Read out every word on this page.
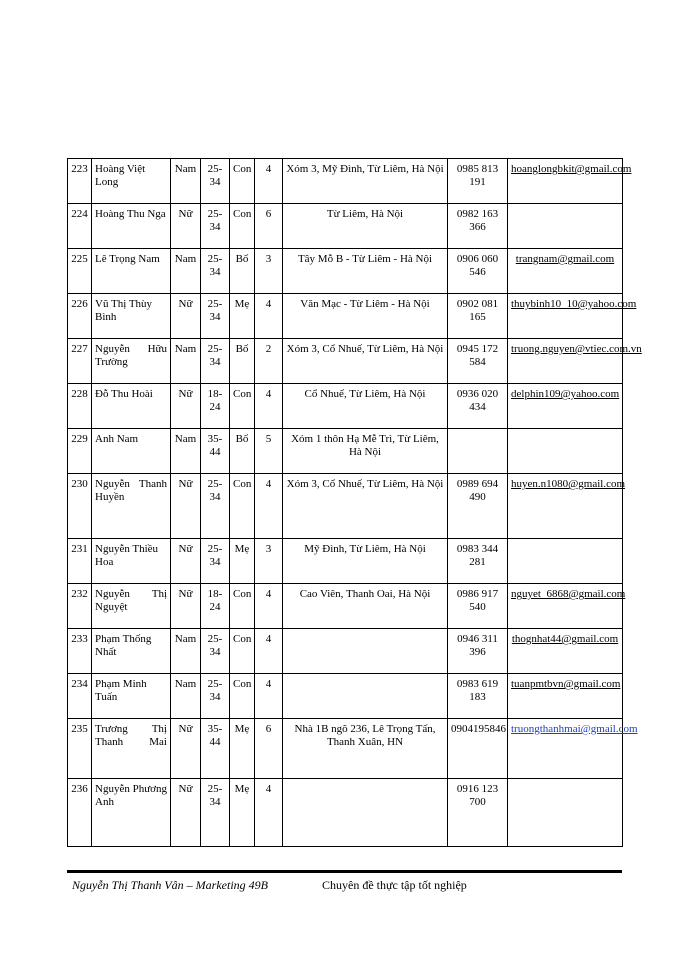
223	Hoàng Việt Long	Nam	25-34	Con	4	Xóm 3, Mỹ Đình, Từ Liêm, Hà Nội	0985 813 191	hoanglongbkit@gmail.com
224	Hoàng Thu Nga	Nữ	25-34	Con	6	Từ Liêm, Hà Nội	0982 163 366	
225	Lê Trọng Nam	Nam	25-34	Bố	3	Tây Mỗ B - Từ Liêm - Hà Nội	0906 060 546	trangnam@gmail.com
226	Vũ Thị Thùy Bình	Nữ	25-34	Mẹ	4	Văn Mạc - Từ Liêm - Hà Nội	0902 081 165	thuybinh10_10@yahoo.com
227	Nguyễn Hữu Trường	Nam	25-34	Bố	2	Xóm 3, Cổ Nhuế, Từ Liêm, Hà Nội	0945 172 584	truong.nguyen@vtiec.com.vn
228	Đỗ Thu Hoài	Nữ	18-24	Con	4	Cổ Nhuế, Từ Liêm, Hà Nội	0936 020 434	delphin109@yahoo.com
229	Anh Nam	Nam	35-44	Bố	5	Xóm 1 thôn Hạ Mễ Trì, Từ Liêm, Hà Nội		
230	Nguyễn Thanh Huyền	Nữ	25-34	Con	4	Xóm 3, Cổ Nhuế, Từ Liêm, Hà Nội	0989 694 490	huyen.n1080@gmail.com
231	Nguyễn Thiều Hoa	Nữ	25-34	Mẹ	3	Mỹ Đình, Từ Liêm, Hà Nội	0983 344 281	
232	Nguyễn Thị Nguyệt	Nữ	18-24	Con	4	Cao Viên, Thanh Oai, Hà Nội	0986 917 540	nguyet_6868@gmail.com
233	Phạm Thống Nhất	Nam	25-34	Con	4		0946 311 396	thognhat44@gmail.com
234	Phạm Minh Tuấn	Nam	25-34	Con	4		0983 619 183	tuanpmtbvn@gmail.com
235	Trương Thị Thanh Mai	Nữ	35-44	Mẹ	6	Nhà 1B ngõ 236, Lê Trọng Tấn, Thanh Xuân, HN	0904195846	truongthanhmai@gmail.com
236	Nguyễn Phương Anh	Nữ	25-34	Mẹ	4		0916 123 700	
Nguyễn Thị Thanh Vân – Marketing 49B	Chuyên đề thực tập tốt nghiệp
